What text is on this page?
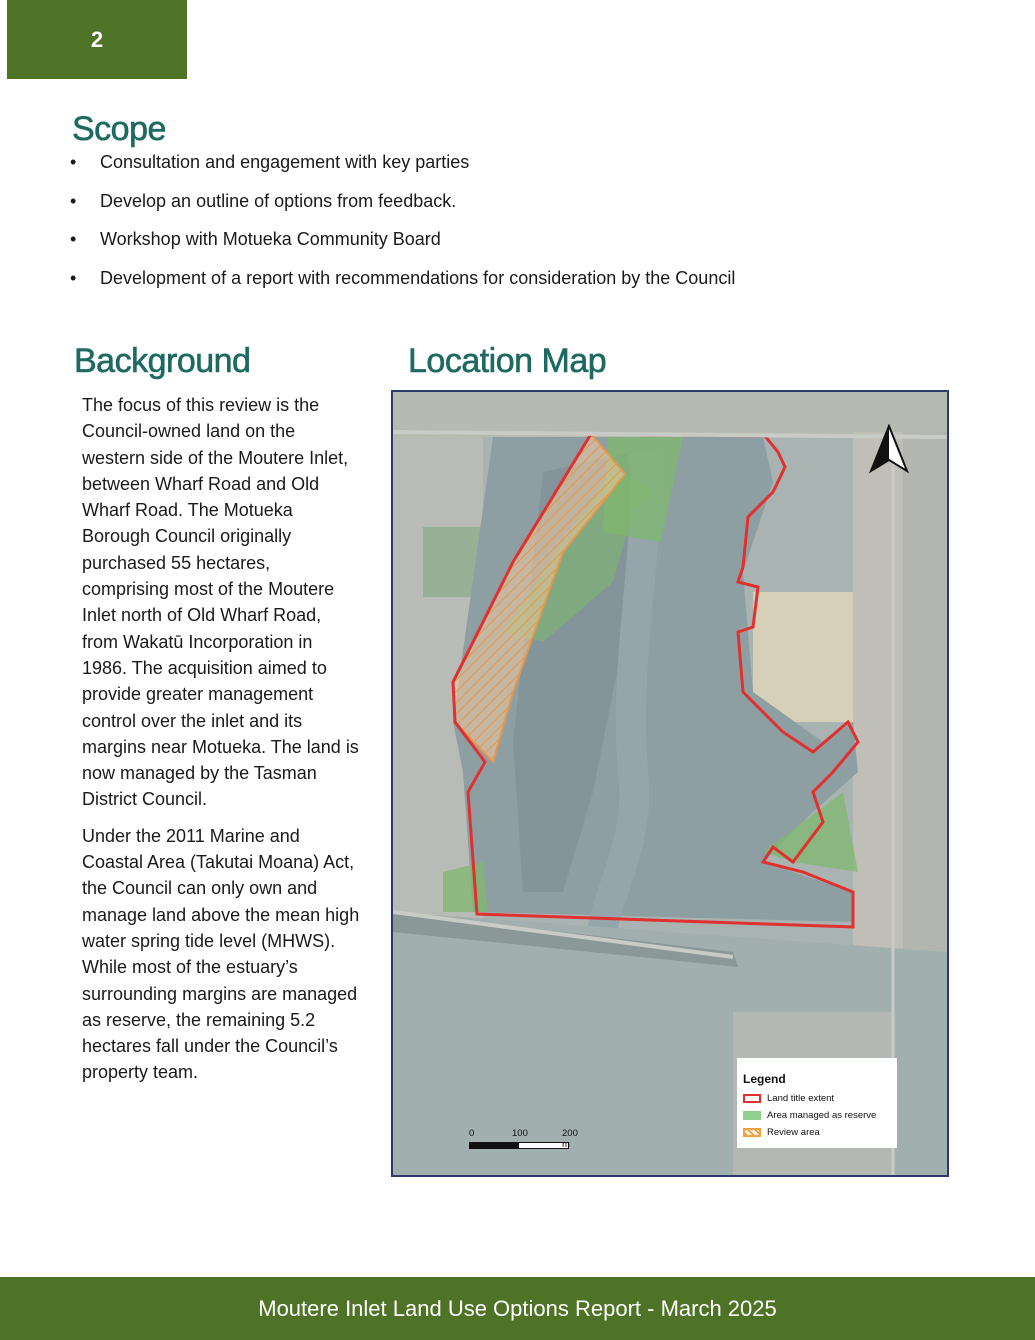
2
Scope
• Consultation and engagement with key parties
• Develop an outline of options from feedback.
• Workshop with Motueka Community Board
• Development of a report with recommendations for consideration by the Council
Background

The focus of this review is the Council-owned land on the western side of the Moutere Inlet, between Wharf Road and Old Wharf Road. The Motueka Borough Council originally purchased 55 hectares, comprising most of the Moutere Inlet north of Old Wharf Road, from Wakatū Incorporation in 1986. The acquisition aimed to provide greater management control over the inlet and its margins near Motueka. The land is now managed by the Tasman District Council.

Under the 2011 Marine and Coastal Area (Takutai Moana) Act, the Council can only own and manage land above the mean high water spring tide level (MHWS). While most of the estuary’s surrounding margins are managed as reserve, the remaining 5.2 hectares fall under the Council’s property team.

Location Map
Legend
Land title extent
Area managed as reserve
Review area
0	100	200 m
Moutere Inlet Land Use Options Report - March 2025
